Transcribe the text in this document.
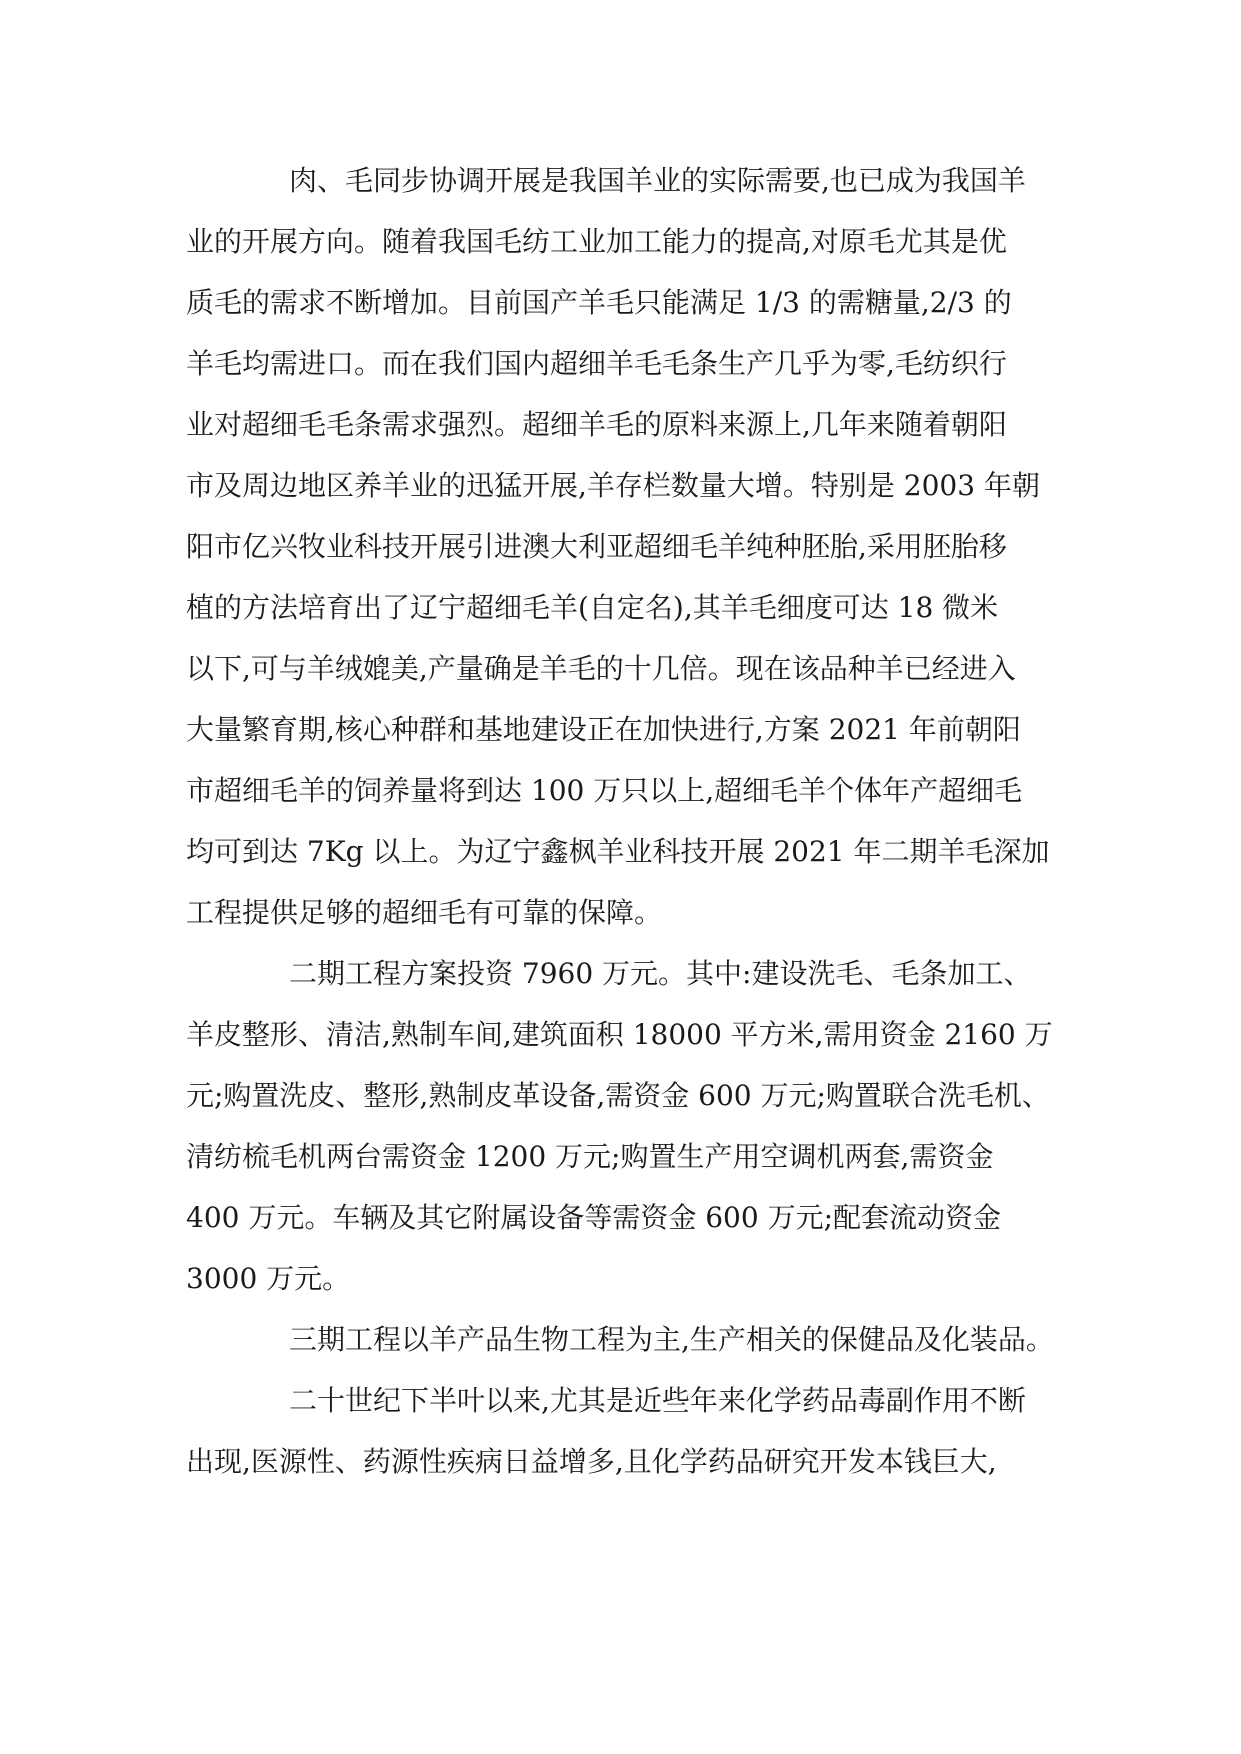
肉、毛同步协调开展是我国羊业的实际需要,也已成为我国羊
业的开展方向。随着我国毛纺工业加工能力的提高,对原毛尤其是优
质毛的需求不断增加。目前国产羊毛只能满足 1/3 的需糖量,2/3 的
羊毛均需进口。而在我们国内超细羊毛毛条生产几乎为零,毛纺织行
业对超细毛毛条需求强烈。超细羊毛的原料来源上,几年来随着朝阳
市及周边地区养羊业的迅猛开展,羊存栏数量大增。特别是 2003 年朝
阳市亿兴牧业科技开展引进澳大利亚超细毛羊纯种胚胎,采用胚胎移
植的方法培育出了辽宁超细毛羊(自定名),其羊毛细度可达 18 微米
以下,可与羊绒媲美,产量确是羊毛的十几倍。现在该品种羊已经进入
大量繁育期,核心种群和基地建设正在加快进行,方案 2021 年前朝阳
市超细毛羊的饲养量将到达 100 万只以上,超细毛羊个体年产超细毛
均可到达 7Kg 以上。为辽宁鑫枫羊业科技开展 2021 年二期羊毛深加
工程提供足够的超细毛有可靠的保障。

二期工程方案投资 7960 万元。其中:建设洗毛、毛条加工、
羊皮整形、清洁,熟制车间,建筑面积 18000 平方米,需用资金 2160 万
元;购置洗皮、整形,熟制皮革设备,需资金 600 万元;购置联合洗毛机、
清纺梳毛机两台需资金 1200 万元;购置生产用空调机两套,需资金
400 万元。车辆及其它附属设备等需资金 600 万元;配套流动资金
3000 万元。

三期工程以羊产品生物工程为主,生产相关的保健品及化装品。

二十世纪下半叶以来,尤其是近些年来化学药品毒副作用不断
出现,医源性、药源性疾病日益增多,且化学药品研究开发本钱巨大,
